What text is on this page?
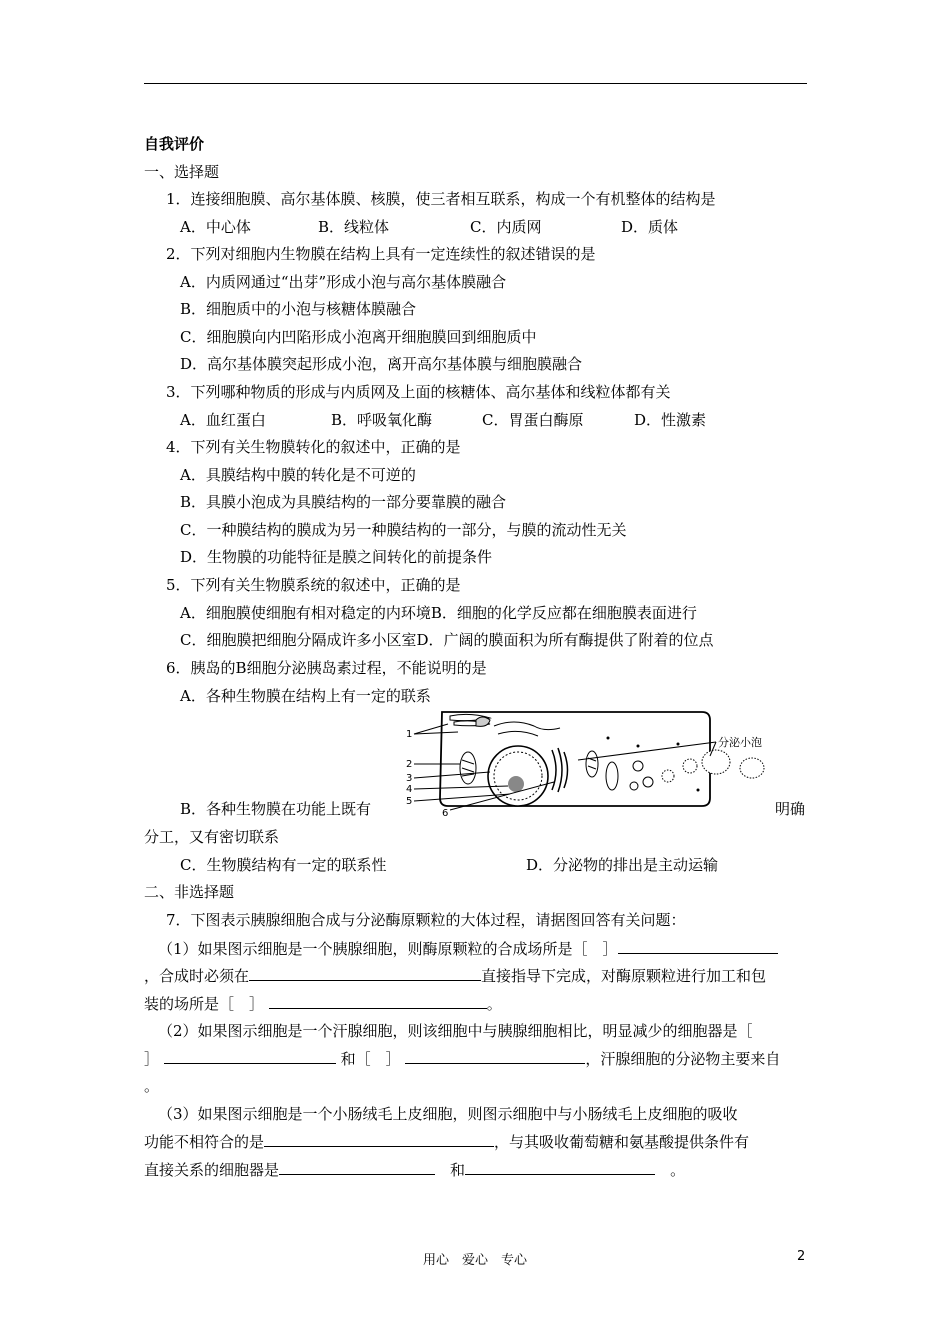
自我评价
一、选择题
1．连接细胞膜、高尔基体膜、核膜，使三者相互联系，构成一个有机整体的结构是
A．中心体	B．线粒体	C．内质网	D．质体
2．下列对细胞内生物膜在结构上具有一定连续性的叙述错误的是
A．内质网通过“出芽”形成小泡与高尔基体膜融合
B．细胞质中的小泡与核糖体膜融合
C．细胞膜向内凹陷形成小泡离开细胞膜回到细胞质中
D．高尔基体膜突起形成小泡，离开高尔基体膜与细胞膜融合
3．下列哪种物质的形成与内质网及上面的核糖体、高尔基体和线粒体都有关
A．血红蛋白	B．呼吸氧化酶	C．胃蛋白酶原	D．性激素
4．下列有关生物膜转化的叙述中，正确的是
A．具膜结构中膜的转化是不可逆的
B．具膜小泡成为具膜结构的一部分要靠膜的融合
C．一种膜结构的膜成为另一种膜结构的一部分，与膜的流动性无关
D．生物膜的功能特征是膜之间转化的前提条件
5．下列有关生物膜系统的叙述中，正确的是
A．细胞膜使细胞有相对稳定的内环境B．细胞的化学反应都在细胞膜表面进行
C．细胞膜把细胞分隔成许多小区室D．广阔的膜面积为所有酶提供了附着的位点
6．胰岛的B细胞分泌胰岛素过程，不能说明的是
A．各种生物膜在结构上有一定的联系
分泌小泡
1
2
3
4
5
6
B．各种生物膜在功能上既有	明确
分工，又有密切联系
C．生物膜结构有一定的联系性	D．分泌物的排出是主动运输
二、非选择题
7．下图表示胰腺细胞合成与分泌酶原颗粒的大体过程，请据图回答有关问题：
（1）如果图示细胞是一个胰腺细胞，则酶原颗粒的合成场所是［　］
，合成时必须在	直接指导下完成，对酶原颗粒进行加工和包
装的场所是［　］	。
（2）如果图示细胞是一个汗腺细胞，则该细胞中与胰腺细胞相比，明显减少的细胞器是［
］	和［　］	，汗腺细胞的分泌物主要来自
。
（3）如果图示细胞是一个小肠绒毛上皮细胞，则图示细胞中与小肠绒毛上皮细胞的吸收
功能不相符合的是	，与其吸收葡萄糖和氨基酸提供条件有
直接关系的细胞器是　	和　	。
用心　爱心　专心	2
